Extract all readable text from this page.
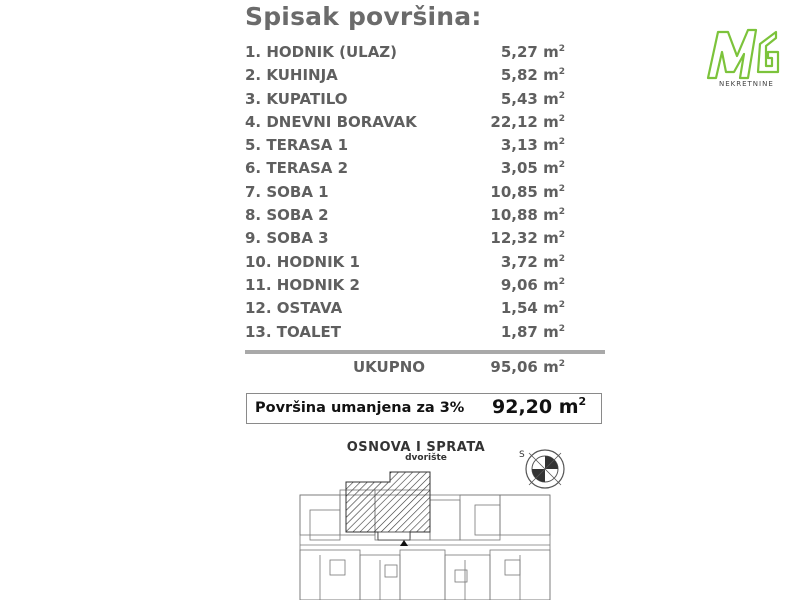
Spisak površina:
1. HODNIK (ULAZ)	5,27 $m^2$
2. KUHINJA	5,82 $m^2$
3. KUPATILO	5,43 $m^2$
4. DNEVNI BORAVAK	22,12 $m^2$
5. TERASA 1	3,13 $m^2$
6. TERASA 2	3,05 $m^2$
7. SOBA 1	10,85 $m^2$
8. SOBA 2	10,88 $m^2$
9. SOBA 3	12,32 $m^2$
10. HODNIK 1	3,72 $m^2$
11. HODNIK 2	9,06 $m^2$
12. OSTAVA	1,54 $m^2$
13. TOALET	1,87 $m^2$
UKUPNO	95,06 $m^2$
Površina umanjena za 3% 92,20 $m^2$
NEKRETNINE
S
OSNOVA I SPRATA
dvorište
